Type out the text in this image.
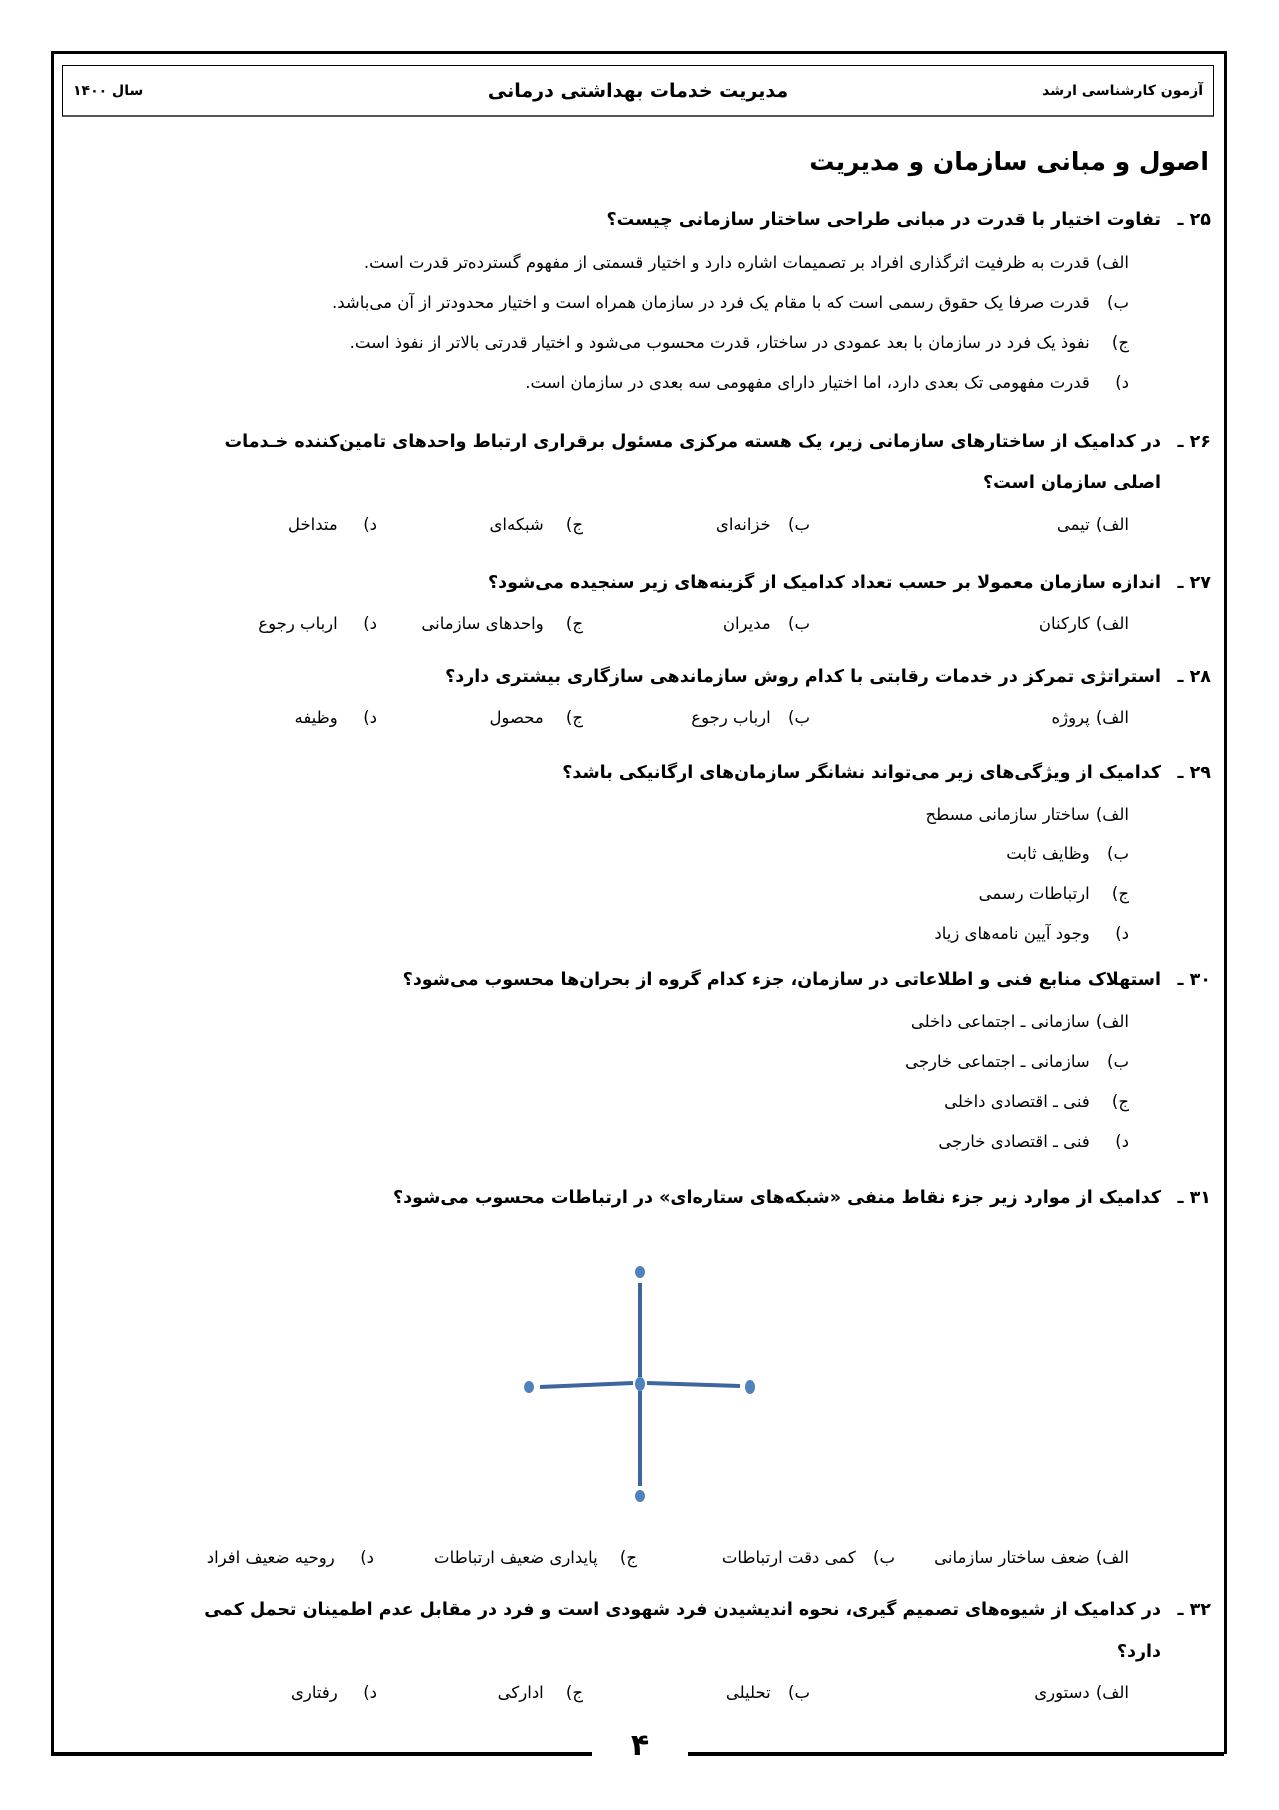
۴
آزمون کارشناسی ارشد
مدیریت خدمات بهداشتی درمانی
سال ۱۴۰۰
اصول و مبانی سازمان و مدیریت
۲۵ ـتفاوت اختیار با قدرت در مبانی طراحی ساختار سازمانی چیست؟
الف) قدرت به ظرفیت اثرگذاری افراد بر تصمیمات اشاره دارد و اختیار قسمتی از مفهوم گسترده‌تر قدرت است.
ب) قدرت صرفا یک حقوق رسمی است که با مقام یک فرد در سازمان همراه است و اختیار محدودتر از آن می‌باشد.
ج) نفوذ یک فرد در سازمان با بعد عمودی در ساختار، قدرت محسوب می‌شود و اختیار قدرتی بالاتر از نفوذ است.
د) قدرت مفهومی تک بعدی دارد، اما اختیار دارای مفهومی سه بعدی در سازمان است.
۲۶ ـدر کدامیک از ساختارهای سازمانی زیر، یک هسته مرکزی مسئول برقراری ارتباط واحدهای تامین‌کننده خـدمات
اصلی سازمان است؟
الف) تیمی
ب) خزانه‌ای
ج) شبکه‌ای
د) متداخل
۲۷ ـاندازه سازمان معمولا بر حسب تعداد کدامیک از گزینه‌های زیر سنجیده می‌شود؟
الف) کارکنان
ب) مدیران
ج) واحدهای سازمانی
د) ارباب رجوع
۲۸ ـاستراتژی تمرکز در خدمات رقابتی با کدام روش سازماندهی سازگاری بیشتری دارد؟
الف) پروژه
ب) ارباب رجوع
ج) محصول
د) وظیفه
۲۹ ـکدامیک از ویژگی‌های زیر می‌تواند نشانگر سازمان‌های ارگانیکی باشد؟
الف) ساختار سازمانی مسطح
ب) وظایف ثابت
ج) ارتباطات رسمی
د) وجود آیین نامه‌های زیاد
۳۰ ـاستهلاک منابع فنی و اطلاعاتی در سازمان، جزء کدام گروه از بحران‌ها محسوب می‌شود؟
الف) سازمانی ـ اجتماعی داخلی
ب) سازمانی ـ اجتماعی خارجی
ج) فنی ـ اقتصادی داخلی
د) فنی ـ اقتصادی خارجی
۳۱ ـکدامیک از موارد زیر جزء نقاط منفی «شبکه‌های ستاره‌ای» در ارتباطات محسوب می‌شود؟
الف) ضعف ساختار سازمانی
ب) کمی دقت ارتباطات
ج) پایداری ضعیف ارتباطات
د) روحیه ضعیف افراد
۳۲ ـدر کدامیک از شیوه‌های تصمیم گیری، نحوه اندیشیدن فرد شهودی است و فرد در مقابل عدم اطمینان تحمل کمی
دارد؟
الف) دستوری
ب) تحلیلی
ج) ادارکی
د) رفتاری
